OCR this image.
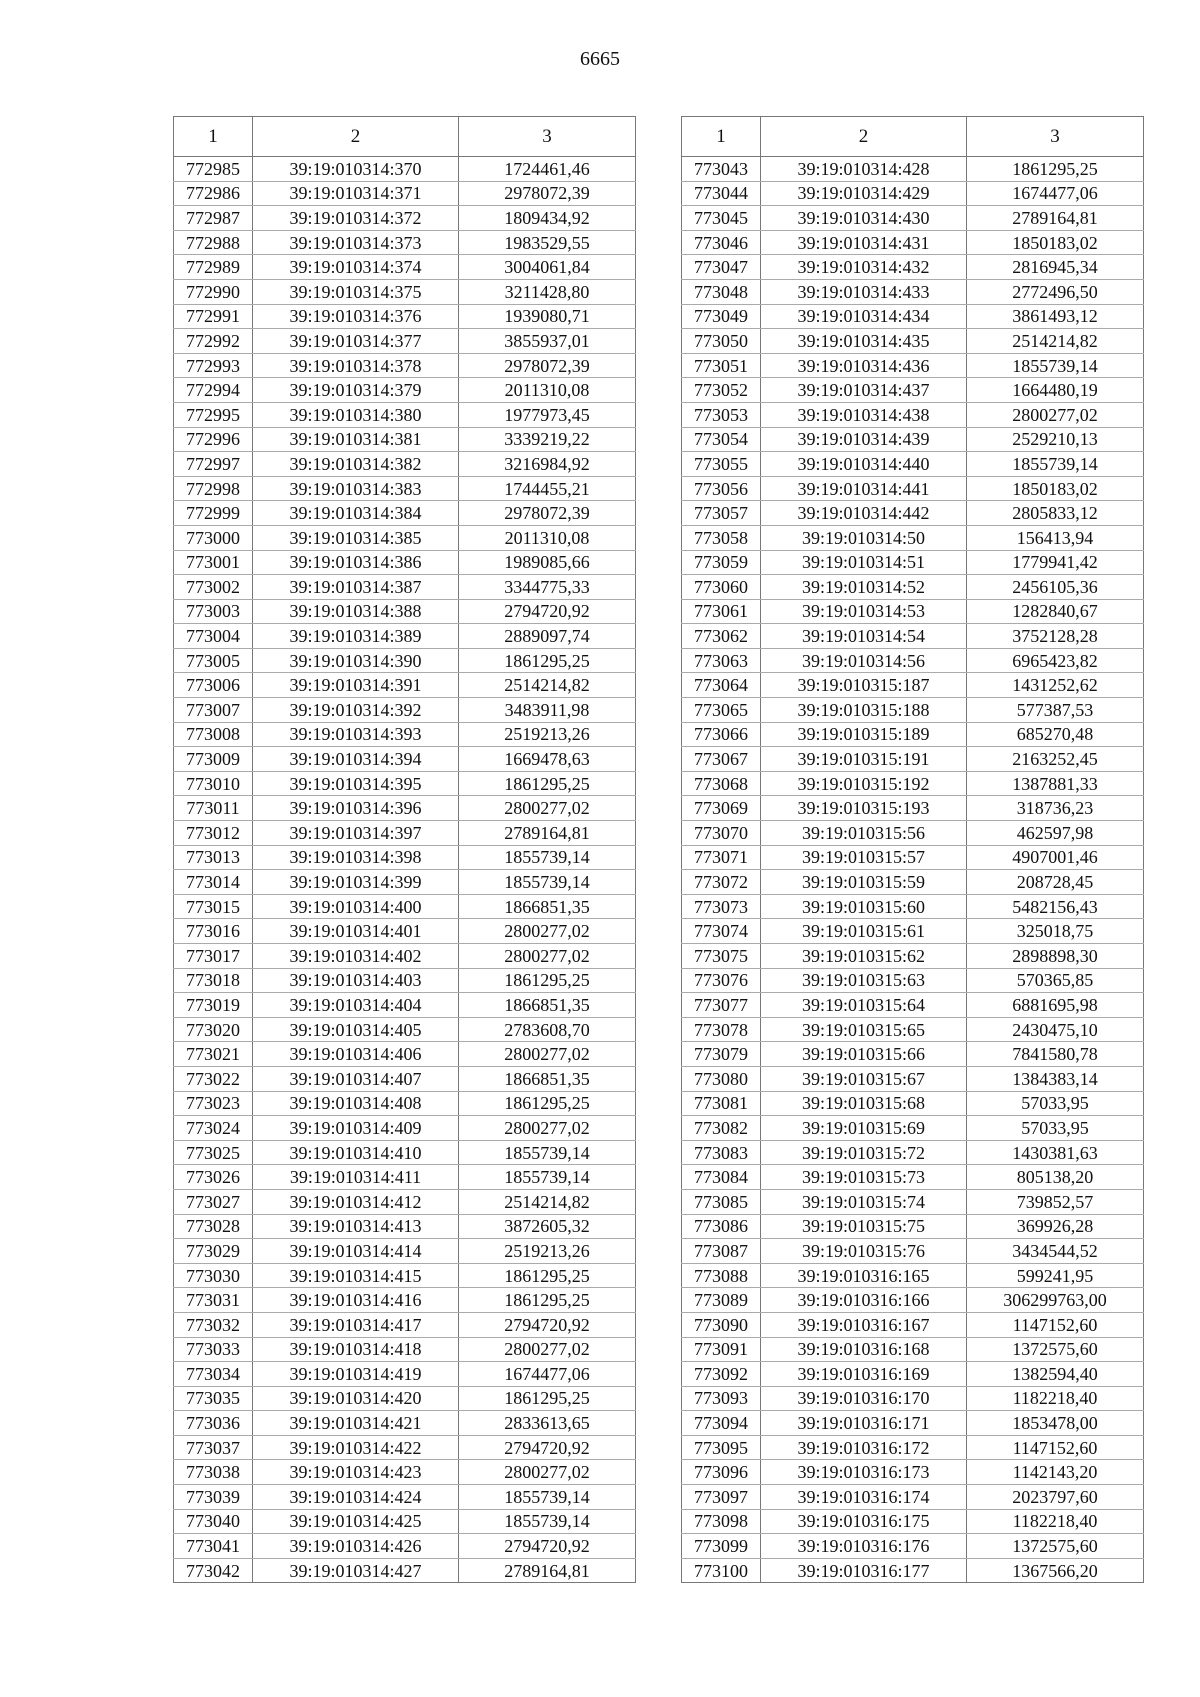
6665
1	2	3
772985	39:19:010314:370	1724461,46
772986	39:19:010314:371	2978072,39
772987	39:19:010314:372	1809434,92
772988	39:19:010314:373	1983529,55
772989	39:19:010314:374	3004061,84
772990	39:19:010314:375	3211428,80
772991	39:19:010314:376	1939080,71
772992	39:19:010314:377	3855937,01
772993	39:19:010314:378	2978072,39
772994	39:19:010314:379	2011310,08
772995	39:19:010314:380	1977973,45
772996	39:19:010314:381	3339219,22
772997	39:19:010314:382	3216984,92
772998	39:19:010314:383	1744455,21
772999	39:19:010314:384	2978072,39
773000	39:19:010314:385	2011310,08
773001	39:19:010314:386	1989085,66
773002	39:19:010314:387	3344775,33
773003	39:19:010314:388	2794720,92
773004	39:19:010314:389	2889097,74
773005	39:19:010314:390	1861295,25
773006	39:19:010314:391	2514214,82
773007	39:19:010314:392	3483911,98
773008	39:19:010314:393	2519213,26
773009	39:19:010314:394	1669478,63
773010	39:19:010314:395	1861295,25
773011	39:19:010314:396	2800277,02
773012	39:19:010314:397	2789164,81
773013	39:19:010314:398	1855739,14
773014	39:19:010314:399	1855739,14
773015	39:19:010314:400	1866851,35
773016	39:19:010314:401	2800277,02
773017	39:19:010314:402	2800277,02
773018	39:19:010314:403	1861295,25
773019	39:19:010314:404	1866851,35
773020	39:19:010314:405	2783608,70
773021	39:19:010314:406	2800277,02
773022	39:19:010314:407	1866851,35
773023	39:19:010314:408	1861295,25
773024	39:19:010314:409	2800277,02
773025	39:19:010314:410	1855739,14
773026	39:19:010314:411	1855739,14
773027	39:19:010314:412	2514214,82
773028	39:19:010314:413	3872605,32
773029	39:19:010314:414	2519213,26
773030	39:19:010314:415	1861295,25
773031	39:19:010314:416	1861295,25
773032	39:19:010314:417	2794720,92
773033	39:19:010314:418	2800277,02
773034	39:19:010314:419	1674477,06
773035	39:19:010314:420	1861295,25
773036	39:19:010314:421	2833613,65
773037	39:19:010314:422	2794720,92
773038	39:19:010314:423	2800277,02
773039	39:19:010314:424	1855739,14
773040	39:19:010314:425	1855739,14
773041	39:19:010314:426	2794720,92
773042	39:19:010314:427	2789164,81
1	2	3
773043	39:19:010314:428	1861295,25
773044	39:19:010314:429	1674477,06
773045	39:19:010314:430	2789164,81
773046	39:19:010314:431	1850183,02
773047	39:19:010314:432	2816945,34
773048	39:19:010314:433	2772496,50
773049	39:19:010314:434	3861493,12
773050	39:19:010314:435	2514214,82
773051	39:19:010314:436	1855739,14
773052	39:19:010314:437	1664480,19
773053	39:19:010314:438	2800277,02
773054	39:19:010314:439	2529210,13
773055	39:19:010314:440	1855739,14
773056	39:19:010314:441	1850183,02
773057	39:19:010314:442	2805833,12
773058	39:19:010314:50	156413,94
773059	39:19:010314:51	1779941,42
773060	39:19:010314:52	2456105,36
773061	39:19:010314:53	1282840,67
773062	39:19:010314:54	3752128,28
773063	39:19:010314:56	6965423,82
773064	39:19:010315:187	1431252,62
773065	39:19:010315:188	577387,53
773066	39:19:010315:189	685270,48
773067	39:19:010315:191	2163252,45
773068	39:19:010315:192	1387881,33
773069	39:19:010315:193	318736,23
773070	39:19:010315:56	462597,98
773071	39:19:010315:57	4907001,46
773072	39:19:010315:59	208728,45
773073	39:19:010315:60	5482156,43
773074	39:19:010315:61	325018,75
773075	39:19:010315:62	2898898,30
773076	39:19:010315:63	570365,85
773077	39:19:010315:64	6881695,98
773078	39:19:010315:65	2430475,10
773079	39:19:010315:66	7841580,78
773080	39:19:010315:67	1384383,14
773081	39:19:010315:68	57033,95
773082	39:19:010315:69	57033,95
773083	39:19:010315:72	1430381,63
773084	39:19:010315:73	805138,20
773085	39:19:010315:74	739852,57
773086	39:19:010315:75	369926,28
773087	39:19:010315:76	3434544,52
773088	39:19:010316:165	599241,95
773089	39:19:010316:166	306299763,00
773090	39:19:010316:167	1147152,60
773091	39:19:010316:168	1372575,60
773092	39:19:010316:169	1382594,40
773093	39:19:010316:170	1182218,40
773094	39:19:010316:171	1853478,00
773095	39:19:010316:172	1147152,60
773096	39:19:010316:173	1142143,20
773097	39:19:010316:174	2023797,60
773098	39:19:010316:175	1182218,40
773099	39:19:010316:176	1372575,60
773100	39:19:010316:177	1367566,20
